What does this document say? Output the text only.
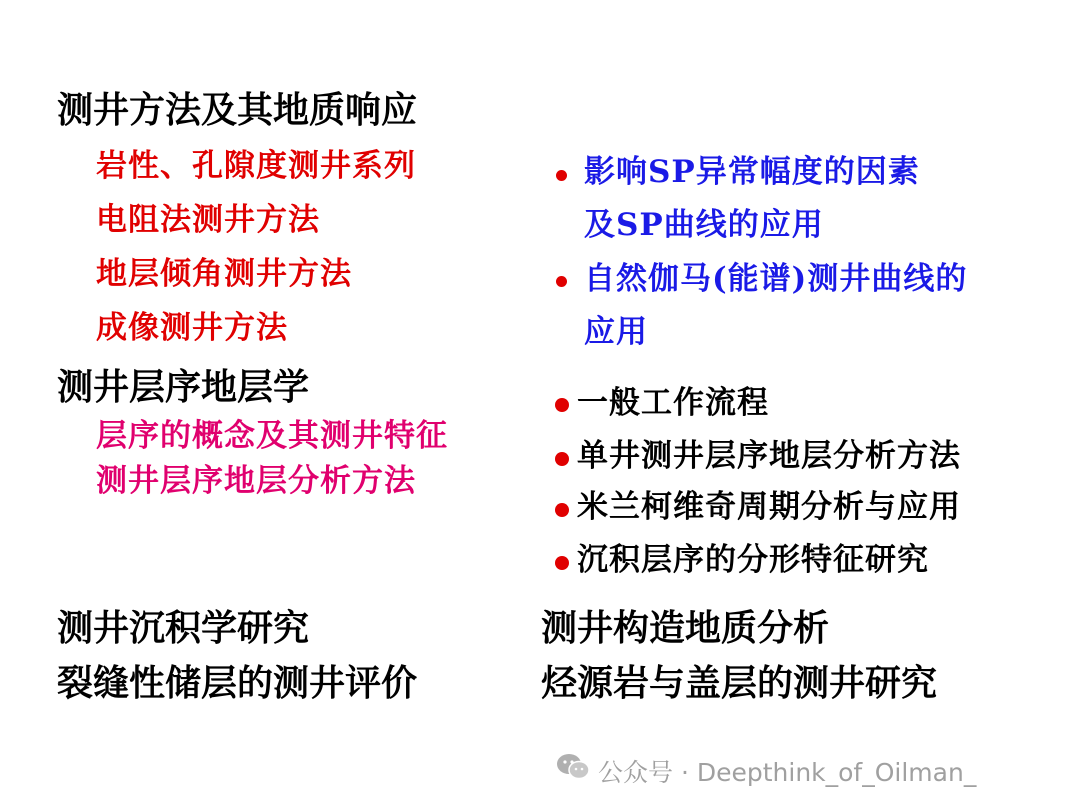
测井方法及其地质响应
岩性、孔隙度测井系列
电阻法测井方法
地层倾角测井方法
成像测井方法
测井层序地层学
层序的概念及其测井特征
测井层序地层分析方法
测井沉积学研究
裂缝性储层的测井评价
影响SP异常幅度的因素
及SP曲线的应用
自然伽马(能谱)测井曲线的
应用
一般工作流程
单井测井层序地层分析方法
米兰柯维奇周期分析与应用
沉积层序的分形特征研究
测井构造地质分析
烃源岩与盖层的测井研究
公众号 · Deepthink_of_Oilman_
